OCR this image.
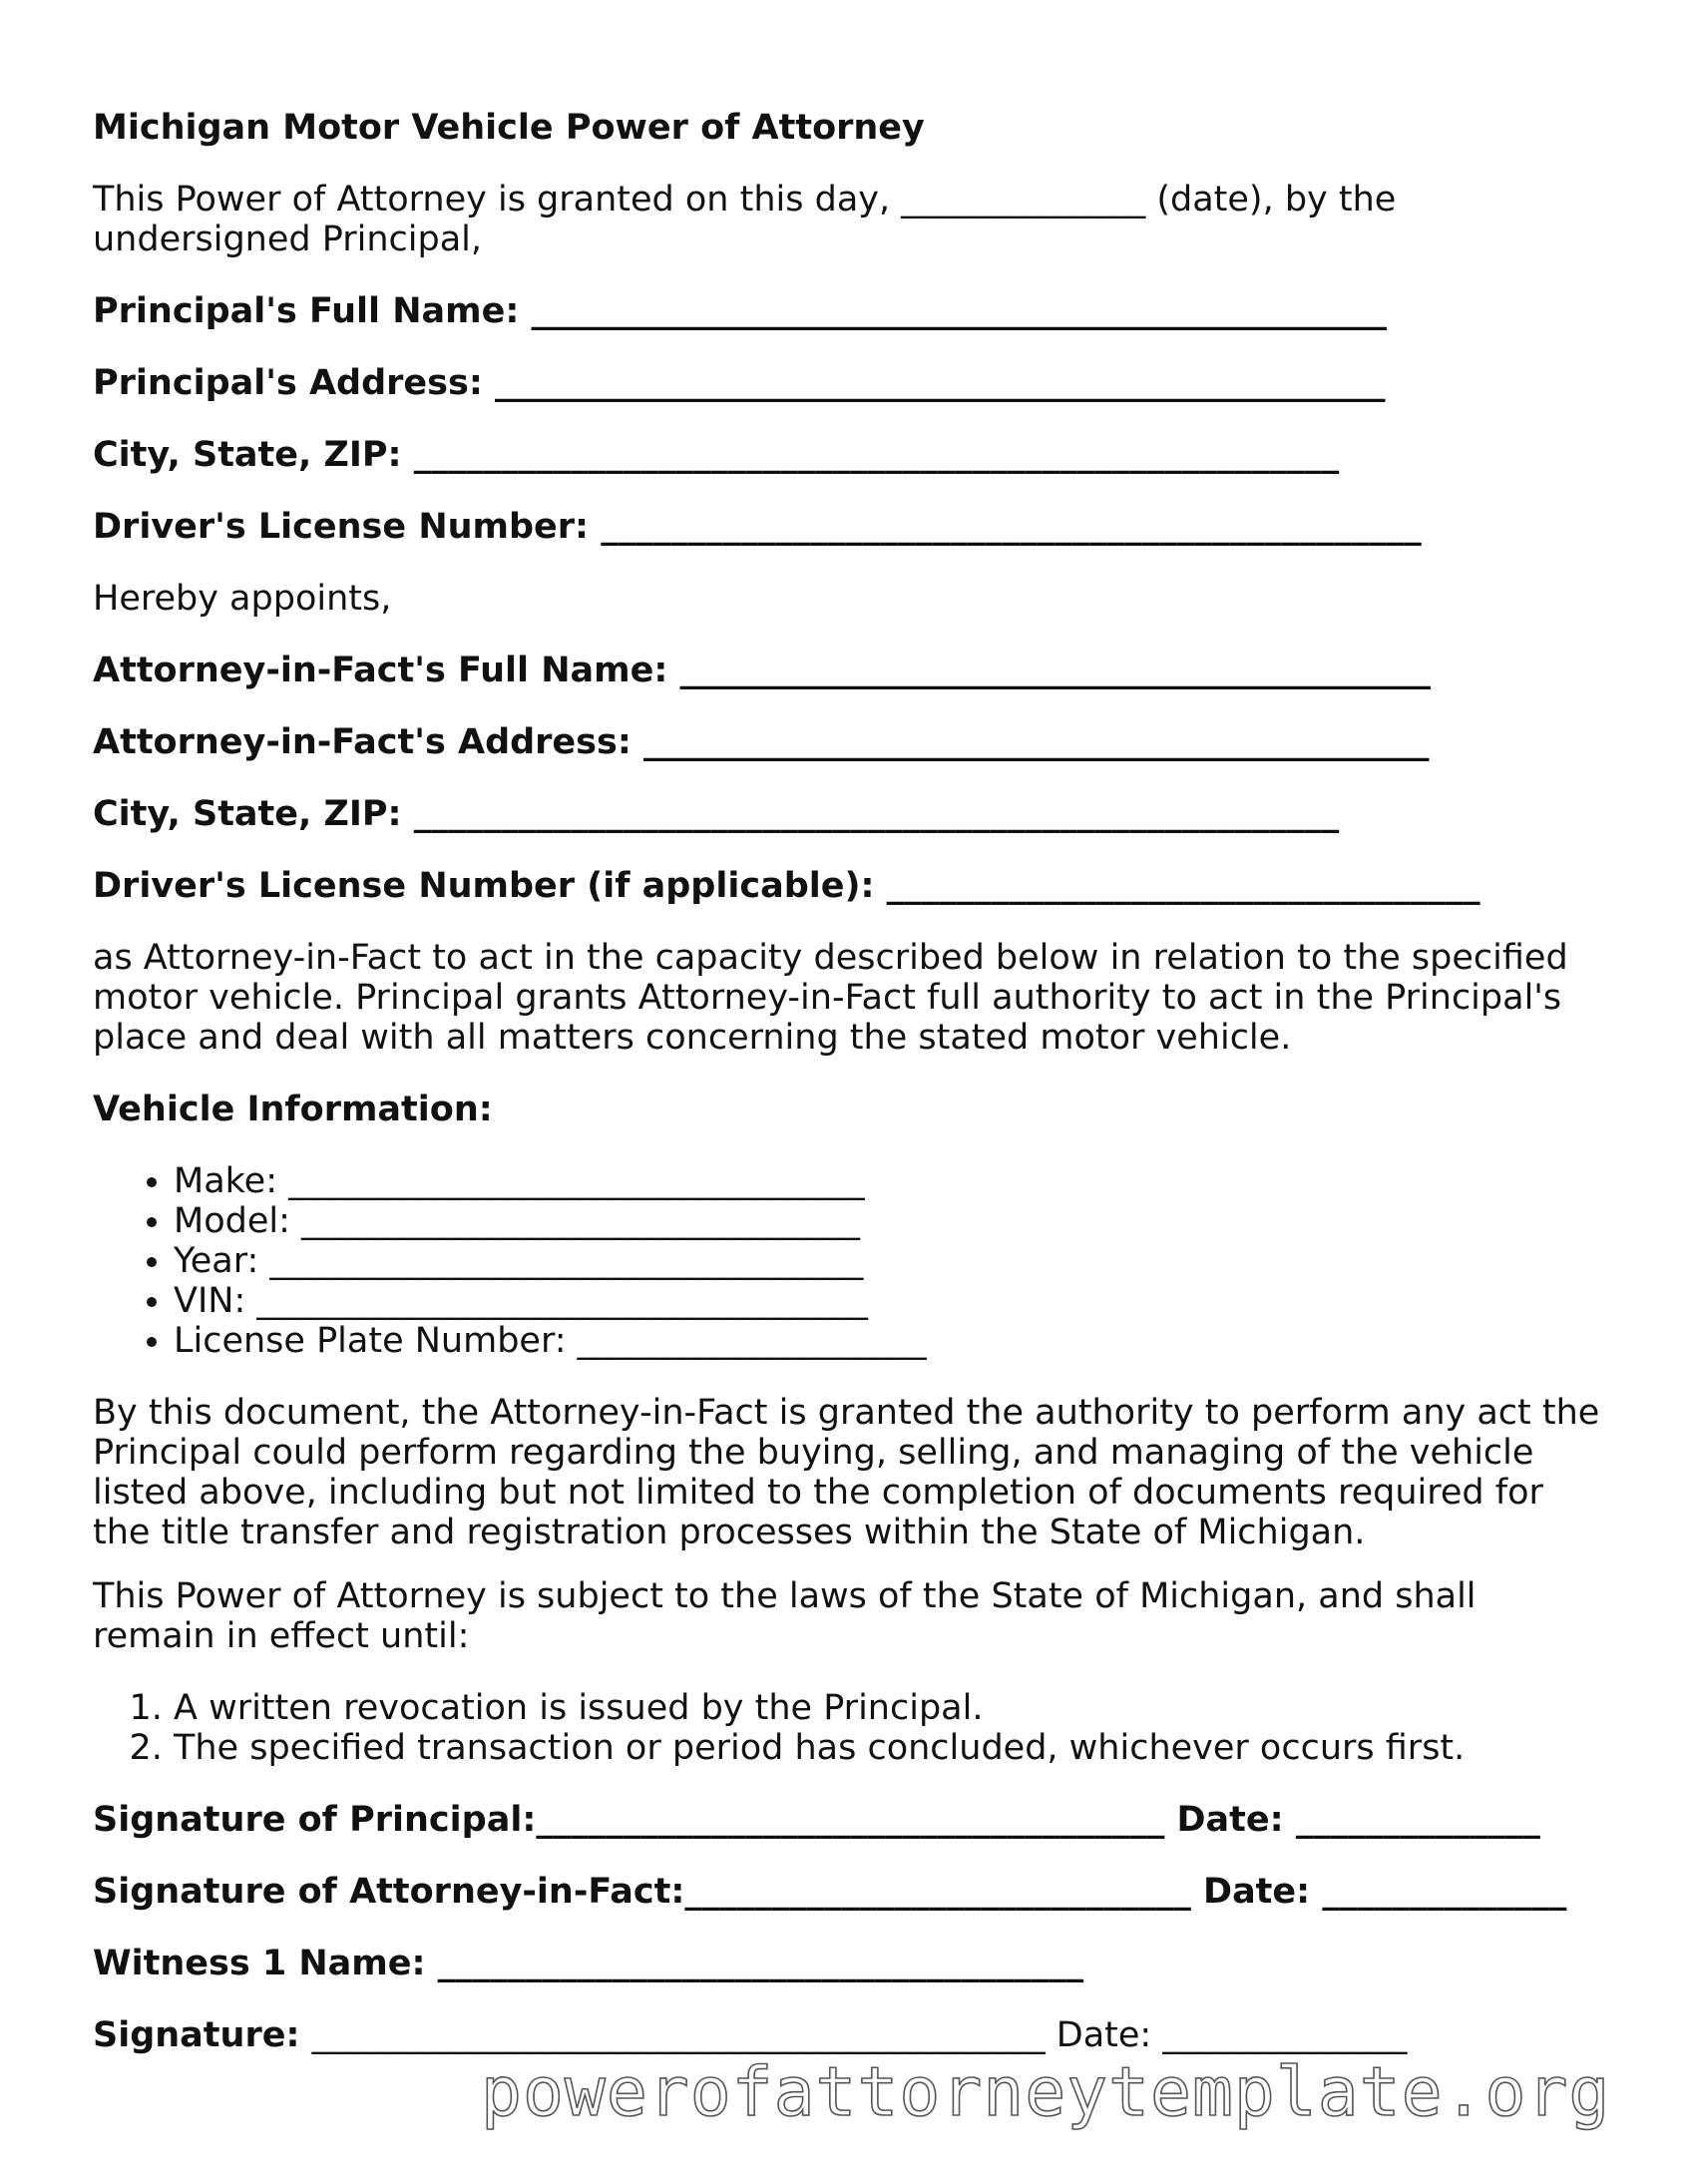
Michigan Motor Vehicle Power of Attorney

This Power of Attorney is granted on this day, ______________ (date), by the undersigned Principal,

Principal's Full Name: _________________________________________________

Principal's Address: ___________________________________________________

City, State, ZIP: _____________________________________________________

Driver's License Number: _______________________________________________

Hereby appoints,

Attorney-in-Fact's Full Name: ___________________________________________

Attorney-in-Fact's Address: _____________________________________________

City, State, ZIP: _____________________________________________________

Driver's License Number (if applicable): __________________________________

as Attorney-in-Fact to act in the capacity described below in relation to the specified motor vehicle. Principal grants Attorney-in-Fact full authority to act in the Principal's place and deal with all matters concerning the stated motor vehicle.

Vehicle Information:

• Make: _________________________________
• Model: ________________________________
• Year: __________________________________
• VIN: ___________________________________
• License Plate Number: ____________________

By this document, the Attorney-in-Fact is granted the authority to perform any act the Principal could perform regarding the buying, selling, and managing of the vehicle listed above, including but not limited to the completion of documents required for the title transfer and registration processes within the State of Michigan.

This Power of Attorney is subject to the laws of the State of Michigan, and shall remain in effect until:

1. A written revocation is issued by the Principal.
2. The specified transaction or period has concluded, whichever occurs first.

Signature of Principal:____________________________________ Date: ______________

Signature of Attorney-in-Fact:_____________________________ Date: ______________

Witness 1 Name: _____________________________________

Signature: __________________________________________ Date: ______________

powerofattorneytemplate.org
